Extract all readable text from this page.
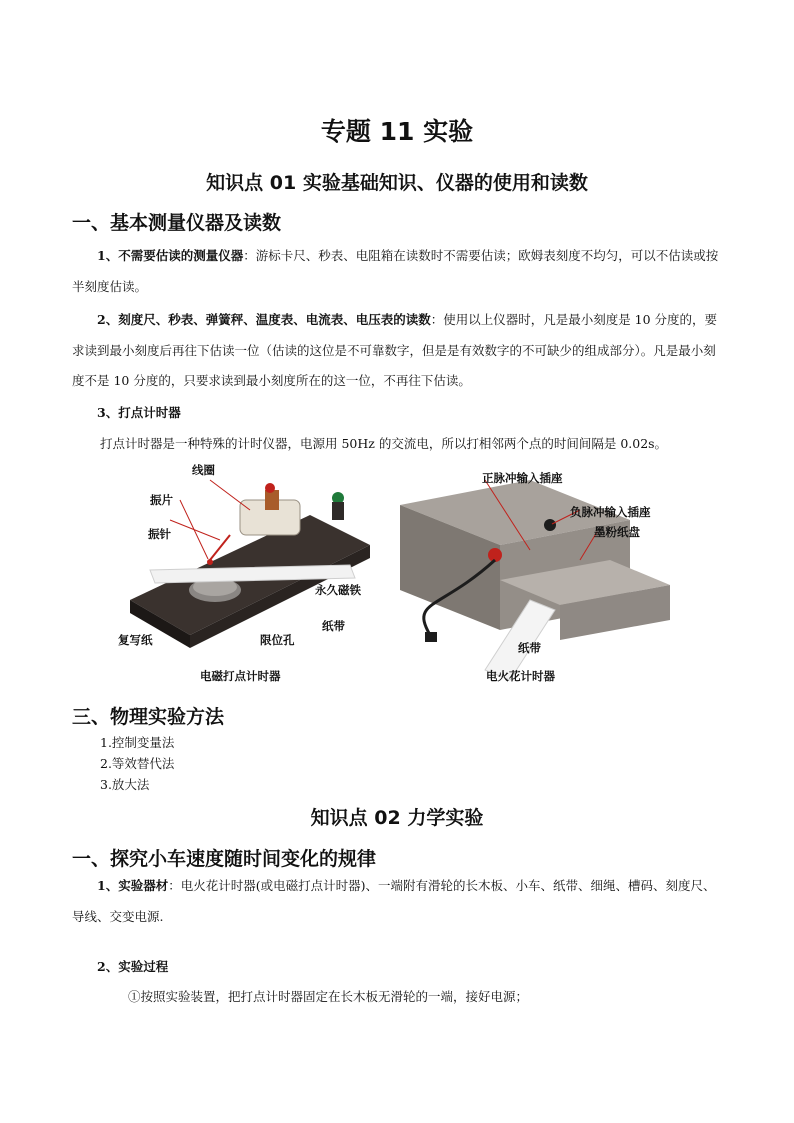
专题 11 实验
知识点 01 实验基础知识、仪器的使用和读数
一、基本测量仪器及读数
1、不需要估读的测量仪器：游标卡尺、秒表、电阻箱在读数时不需要估读；欧姆表刻度不均匀，可以不估读或按半刻度估读。
2、刻度尺、秒表、弹簧秤、温度表、电流表、电压表的读数：使用以上仪器时，凡是最小刻度是 10 分度的，要求读到最小刻度后再往下估读一位（估读的这位是不可靠数字，但是是有效数字的不可缺少的组成部分）。凡是最小刻度不是 10 分度的，只要求读到最小刻度所在的这一位，不再往下估读。
3、打点计时器
打点计时器是一种特殊的计时仪器，电源用 50Hz 的交流电，所以打相邻两个点的时间间隔是 0.02s。
线圈
振片
振针
永久磁铁
复写纸	限位孔
纸带
电磁打点计时器
正脉冲输入插座
负脉冲输入插座
墨粉纸盘
纸带
电火花计时器
三、物理实验方法
1.控制变量法
2.等效替代法
3.放大法
知识点 02 力学实验
一、探究小车速度随时间变化的规律
1、实验器材：电火花计时器(或电磁打点计时器)、一端附有滑轮的长木板、小车、纸带、细绳、槽码、刻度尺、导线、交变电源.
2、实验过程
①按照实验装置，把打点计时器固定在长木板无滑轮的一端，接好电源；
